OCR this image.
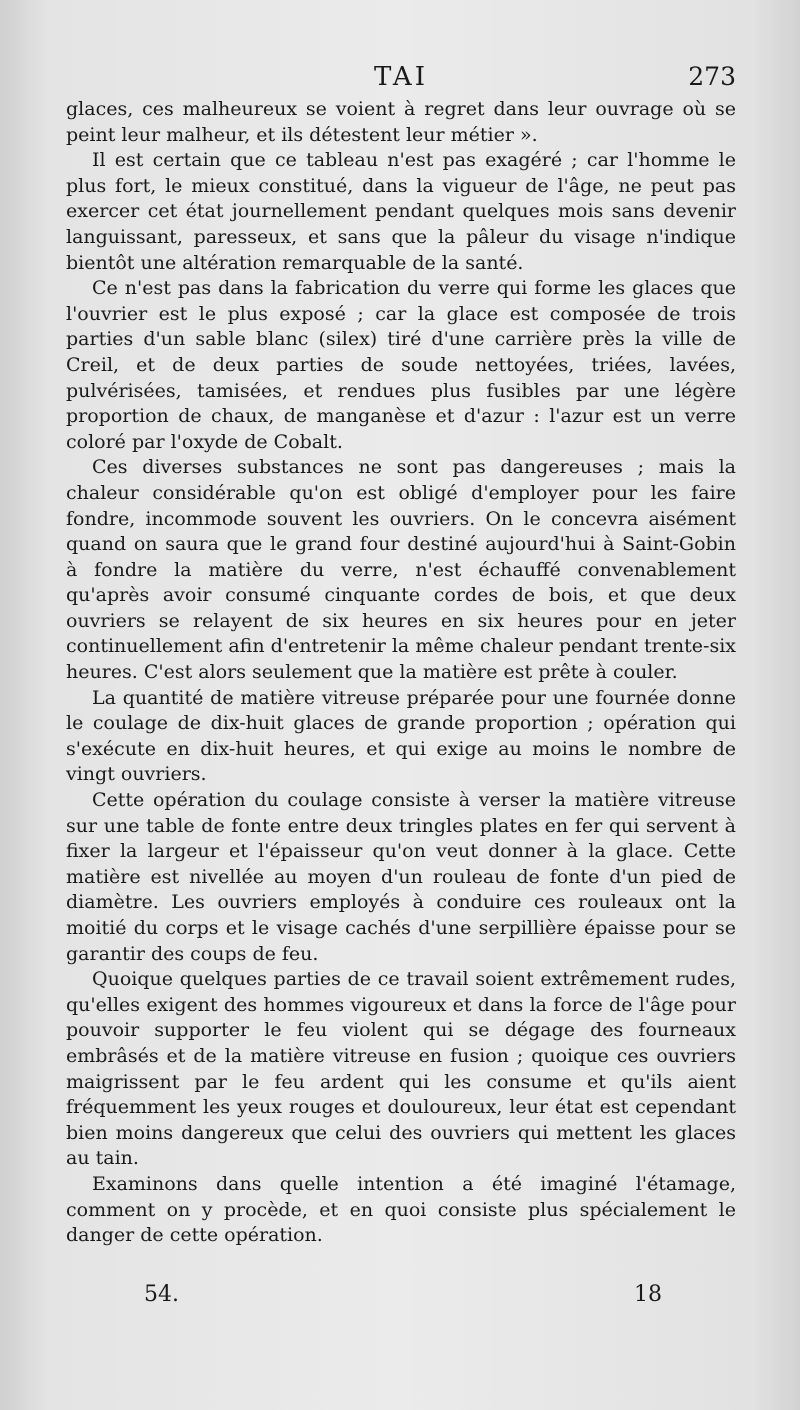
TAI	273

glaces, ces malheureux se voient à regret dans leur ouvrage où se peint leur malheur, et ils détestent leur métier ».

Il est certain que ce tableau n'est pas exagéré ; car l'homme le plus fort, le mieux constitué, dans la vigueur de l'âge, ne peut pas exercer cet état journellement pendant quelques mois sans devenir languissant, paresseux, et sans que la pâleur du visage n'indique bientôt une altération remarquable de la santé.

Ce n'est pas dans la fabrication du verre qui forme les glaces que l'ouvrier est le plus exposé ; car la glace est composée de trois parties d'un sable blanc (silex) tiré d'une carrière près la ville de Creil, et de deux parties de soude nettoyées, triées, lavées, pulvérisées, tamisées, et rendues plus fusibles par une légère proportion de chaux, de manganèse et d'azur : l'azur est un verre coloré par l'oxyde de Cobalt.

Ces diverses substances ne sont pas dangereuses ; mais la chaleur considérable qu'on est obligé d'employer pour les faire fondre, incommode souvent les ouvriers. On le concevra aisément quand on saura que le grand four destiné aujourd'hui à Saint-Gobin à fondre la matière du verre, n'est échauffé convenablement qu'après avoir consumé cinquante cordes de bois, et que deux ouvriers se relayent de six heures en six heures pour en jeter continuellement afin d'entretenir la même chaleur pendant trente-six heures. C'est alors seulement que la matière est prête à couler.

La quantité de matière vitreuse préparée pour une fournée donne le coulage de dix-huit glaces de grande proportion ; opération qui s'exécute en dix-huit heures, et qui exige au moins le nombre de vingt ouvriers.

Cette opération du coulage consiste à verser la matière vitreuse sur une table de fonte entre deux tringles plates en fer qui servent à fixer la largeur et l'épaisseur qu'on veut donner à la glace. Cette matière est nivellée au moyen d'un rouleau de fonte d'un pied de diamètre. Les ouvriers employés à conduire ces rouleaux ont la moitié du corps et le visage cachés d'une serpillière épaisse pour se garantir des coups de feu.

Quoique quelques parties de ce travail soient extrêmement rudes, qu'elles exigent des hommes vigoureux et dans la force de l'âge pour pouvoir supporter le feu violent qui se dégage des fourneaux embrâsés et de la matière vitreuse en fusion ; quoique ces ouvriers maigrissent par le feu ardent qui les consume et qu'ils aient fréquemment les yeux rouges et douloureux, leur état est cependant bien moins dangereux que celui des ouvriers qui mettent les glaces au tain.

Examinons dans quelle intention a été imaginé l'étamage, comment on y procède, et en quoi consiste plus spécialement le danger de cette opération.

54.	18
